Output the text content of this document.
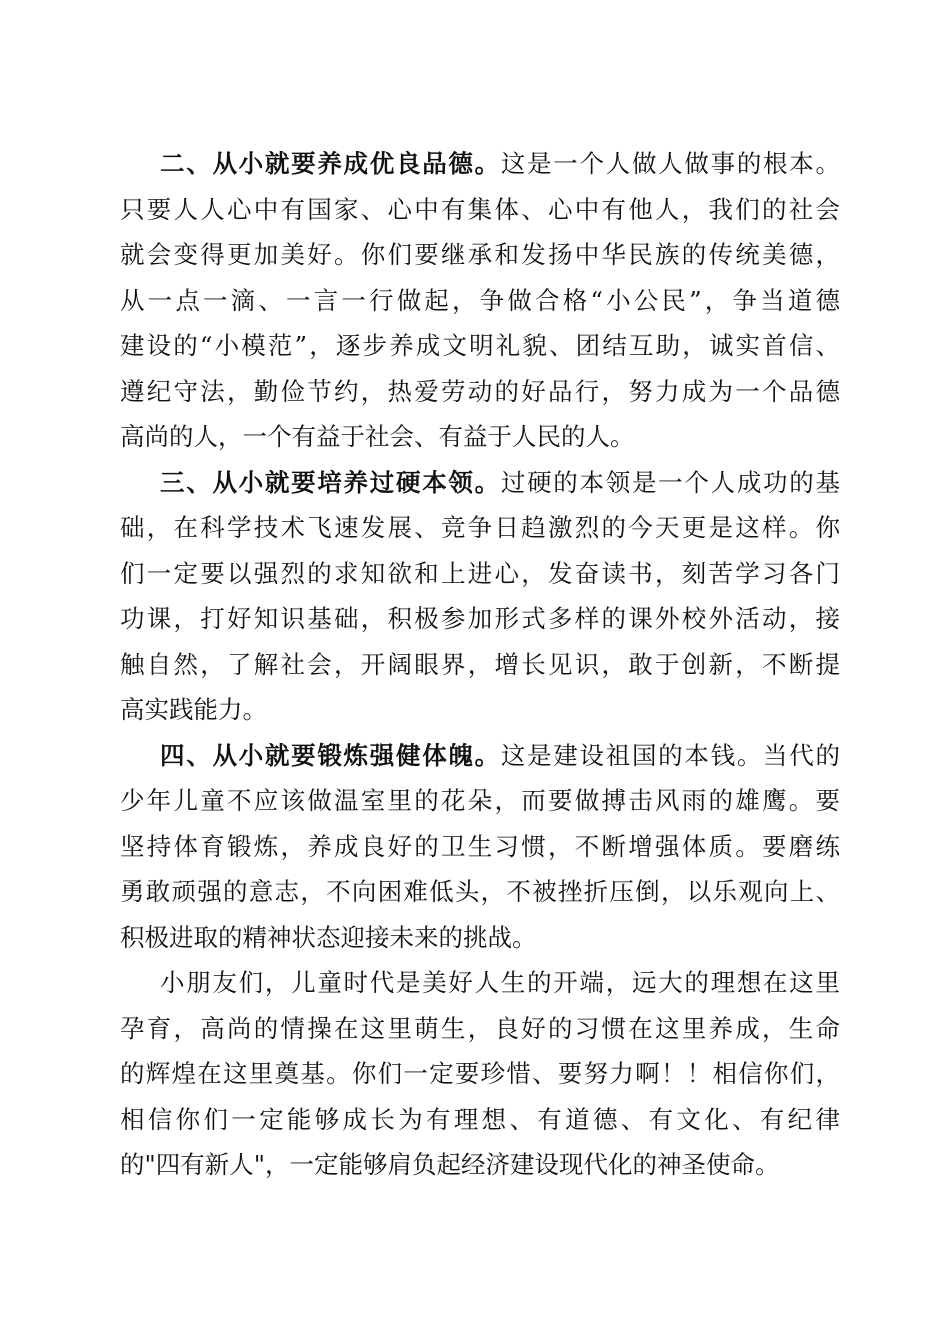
二、从小就要养成优良品德。这是一个人做人做事的根本。
只要人人心中有国家、心中有集体、心中有他人，我们的社会
就会变得更加美好。你们要继承和发扬中华民族的传统美德，
从一点一滴、一言一行做起，争做合格“小公民”，争当道德
建设的“小模范”，逐步养成文明礼貌、团结互助，诚实首信、
遵纪守法，勤俭节约，热爱劳动的好品行，努力成为一个品德
高尚的人，一个有益于社会、有益于人民的人。
三、从小就要培养过硬本领。过硬的本领是一个人成功的基
础，在科学技术飞速发展、竞争日趋激烈的今天更是这样。你
们一定要以强烈的求知欲和上进心，发奋读书，刻苦学习各门
功课，打好知识基础，积极参加形式多样的课外校外活动，接
触自然，了解社会，开阔眼界，增长见识，敢于创新，不断提
高实践能力。
四、从小就要锻炼强健体魄。这是建设祖国的本钱。当代的
少年儿童不应该做温室里的花朵，而要做搏击风雨的雄鹰。要
坚持体育锻炼，养成良好的卫生习惯，不断增强体质。要磨练
勇敢顽强的意志，不向困难低头，不被挫折压倒，以乐观向上、
积极进取的精神状态迎接未来的挑战。
小朋友们，儿童时代是美好人生的开端，远大的理想在这里
孕育，高尚的情操在这里萌生，良好的习惯在这里养成，生命
的辉煌在这里奠基。你们一定要珍惜、要努力啊！！相信你们，
相信你们一定能够成长为有理想、有道德、有文化、有纪律
的"四有新人"，一定能够肩负起经济建设现代化的神圣使命。
